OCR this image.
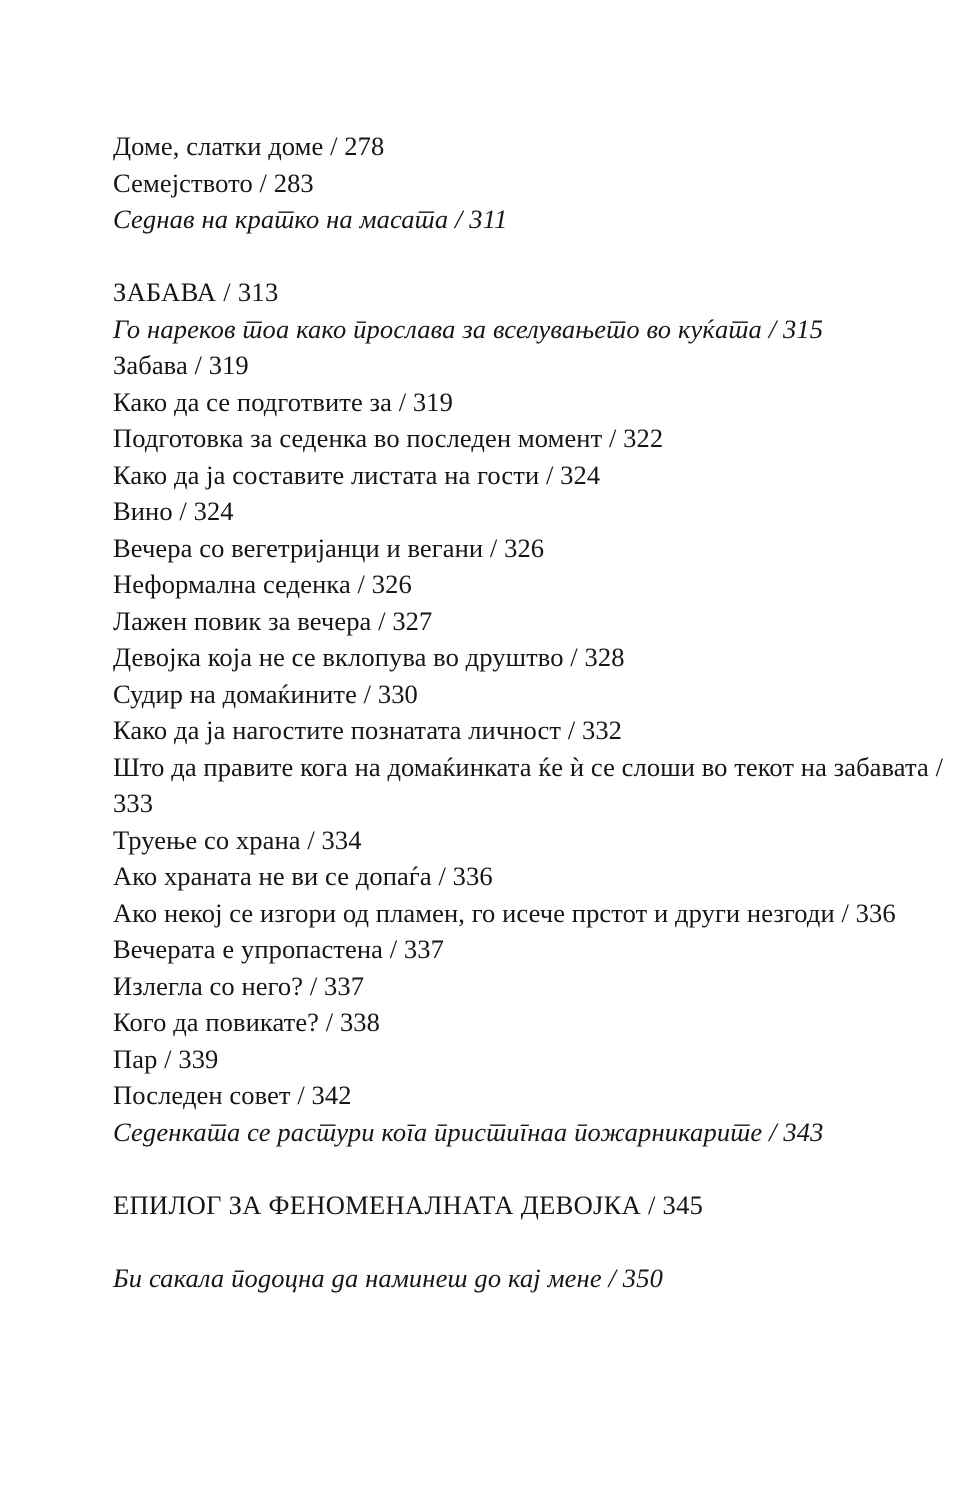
Доме, слатки доме / 278
Семејството / 283
Седнав на кратко на масата / 311
ЗАБАВА / 313
Го нареков тоа како прослава за вселувањето во куќата / 315
Забава / 319
Како да се подготвите за / 319
Подготовка за седенка во последен момент / 322
Како да ја составите листата на гости / 324
Вино / 324
Вечера со вегетријанци и вегани / 326
Неформална седенка / 326
Лажен повик за вечера / 327
Девојка која не се вклопува во друштво / 328
Судир на домаќините / 330
Како да ја нагостите познатата личност / 332
Што да правите кога на домаќинката ќе ѝ се слоши во текот на забавата / 333
Труење со храна / 334
Ако храната не ви се допаѓа / 336
Ако некој се изгори од пламен, го исече прстот и други незгоди / 336
Вечерата е упропастена / 337
Излегла со него? / 337
Кого да повикате? / 338
Пар / 339
Последен совет / 342
Седенката се растури кога пристигнаа пожарникарите / 343
ЕПИЛОГ ЗА ФЕНОМЕНАЛНАТА ДЕВОЈКА / 345
Би сакала подоцна да наминеш до кај мене / 350
